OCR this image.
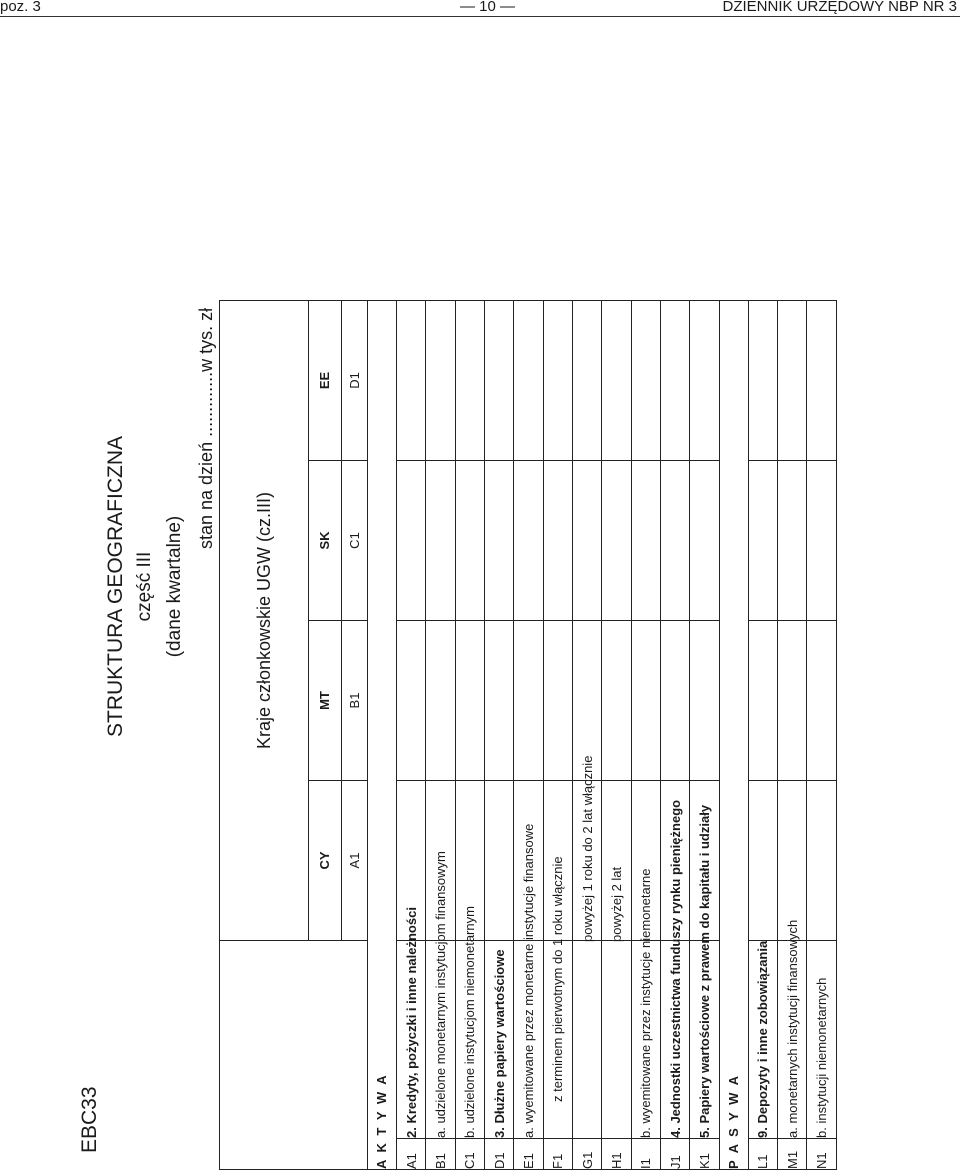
poz. 3	— 10 —	DZIENNIK URZĘDOWY NBP NR 3
EBC33
STRUKTURA GEOGRAFICZNA część III (dane kwartalne)
stan na dzień .............w tys. zł
		Kraje członkowskie UGW (cz.III)			
		CY	MT	SK	EE
		A1	B1	C1	D1
A K T Y W A					
A1	2. Kredyty, pożyczki i inne należności				
B1	a. udzielone monetarnym instytucjom finansowym				
C1	b. udzielone instytucjom niemonetarnym				
D1	3. Dłużne papiery wartościowe				
E1	a. wyemitowane przez monetarne instytucje finansowe				
F1	z terminem pierwotnym do 1 roku włącznie				
G1	powyżej 1 roku do 2 lat włącznie				
H1	powyżej 2 lat				
I1	b. wyemitowane przez instytucje niemonetarne				
J1	4. Jednostki uczestnictwa funduszy rynku pieniężnego				
K1	5. Papiery wartościowe z prawem do kapitału i udziały				
P A S Y W A					
L1	9. Depozyty i inne zobowiązania				
M1	a. monetarnych instytucji finansowych				
N1	b. instytucji niemonetarnych				
